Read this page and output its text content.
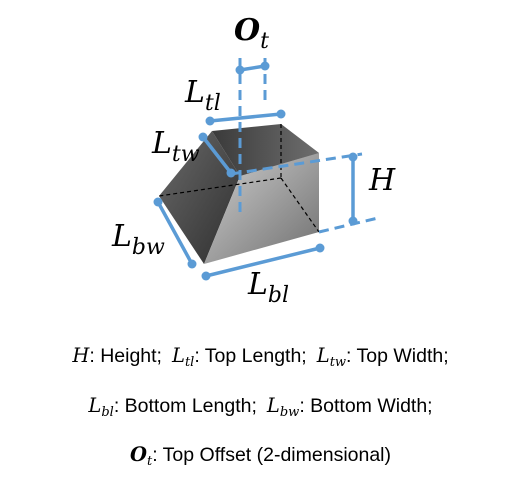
$O_t$
$L_{tl}$
$L_{tw}$
H
$L_{bw}$
$L_{bl}$
H: Height; $L_{tl}$: Top Length; $L_{tw}$: Top Width;
$L_{bl}$: Bottom Length; $L_{bw}$: Bottom Width;
$O_t$: Top Offset (2-dimensional)
